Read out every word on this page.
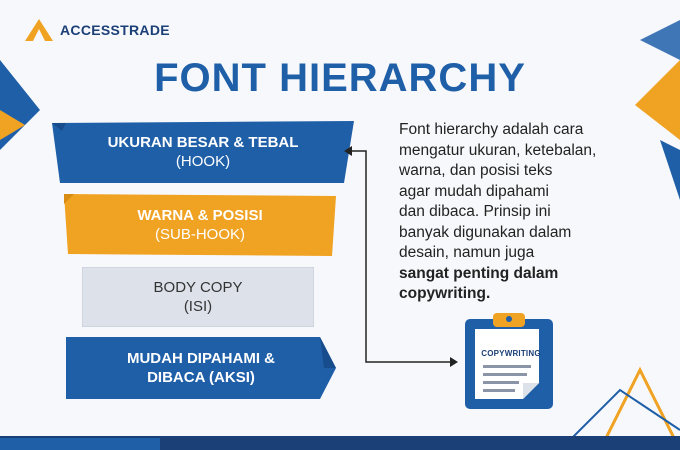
ACCESSTRADE
FONT HIERARCHY
UKURAN BESAR & TEBAL
(HOOK)
WARNA & POSISI
(SUB-HOOK)
BODY COPY
(ISI)
MUDAH DIPAHAMI &
DIBACA (AKSI)
Font hierarchy adalah cara
mengatur ukuran, ketebalan,
warna, dan posisi teks
agar mudah dipahami
dan dibaca. Prinsip ini
banyak digunakan dalam
desain, namun juga
sangat penting dalam
copywriting.
COPYWRITING
